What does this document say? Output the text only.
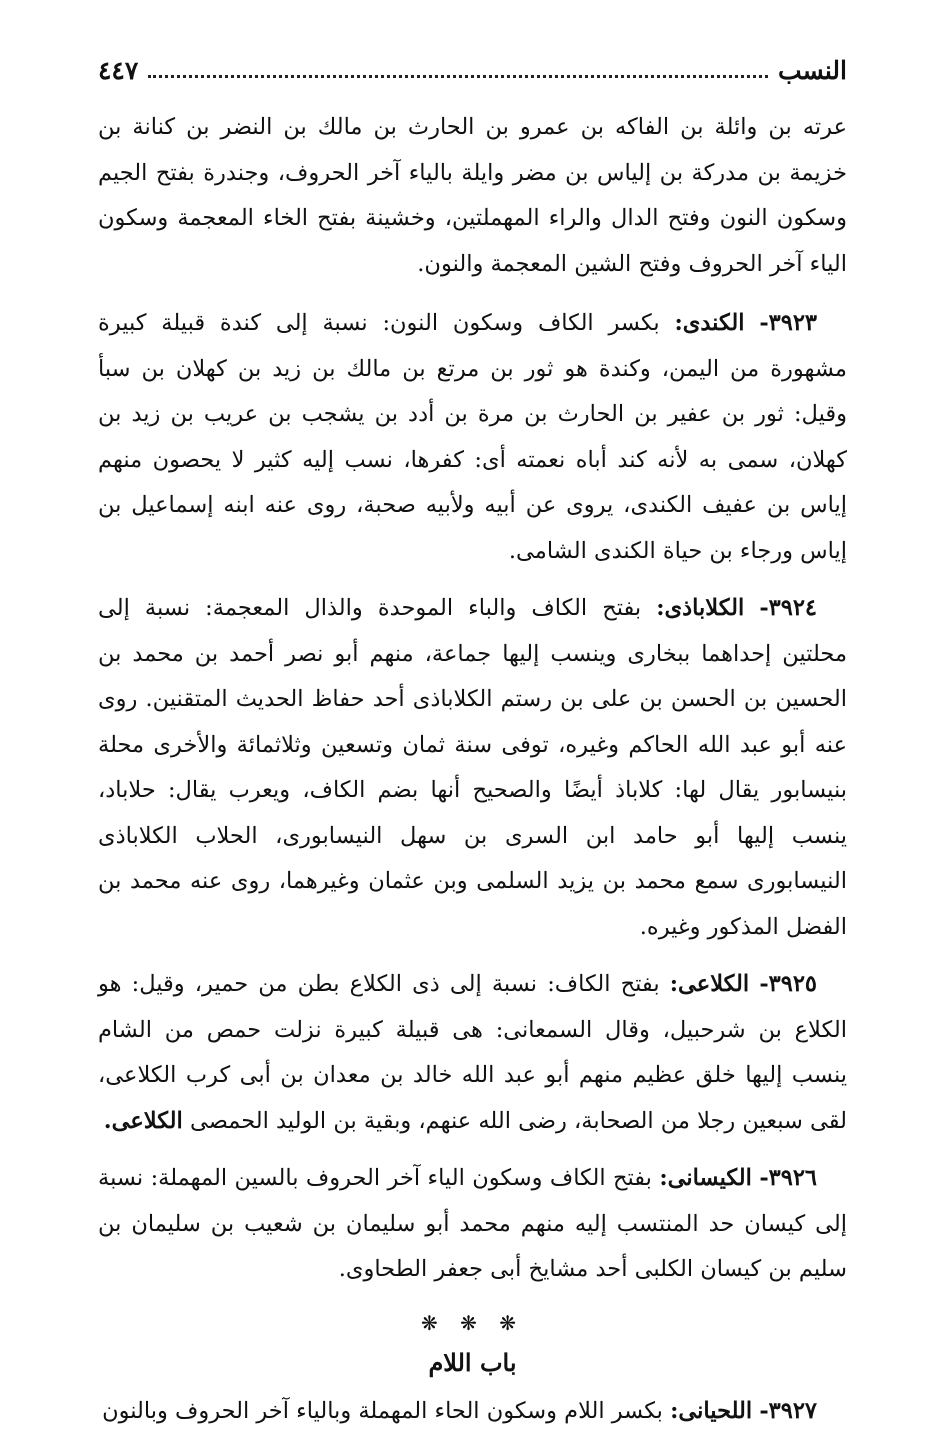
النسب
٤٤٧

عرته بن وائلة بن الفاكه بن عمرو بن الحارث بن مالك بن النضر بن كنانة بن خزيمة بن مدركة بن إلياس بن مضر وايلة بالياء آخر الحروف، وجندرة بفتح الجيم وسكون النون وفتح الدال والراء المهملتين، وخشينة بفتح الخاء المعجمة وسكون الياء آخر الحروف وفتح الشين المعجمة والنون.

٣٩٢٣- الكندى: بكسر الكاف وسكون النون: نسبة إلى كندة قبيلة كبيرة مشهورة من اليمن، وكندة هو ثور بن مرتع بن مالك بن زيد بن كهلان بن سبأ وقيل: ثور بن عفير بن الحارث بن مرة بن أدد بن يشجب بن عريب بن زيد بن كهلان، سمى به لأنه كند أباه نعمته أى: كفرها، نسب إليه كثير لا يحصون منهم إياس بن عفيف الكندى، يروى عن أبيه ولأبيه صحبة، روى عنه ابنه إسماعيل بن إياس ورجاء بن حياة الكندى الشامى.

٣٩٢٤- الكلاباذى: بفتح الكاف والباء الموحدة والذال المعجمة: نسبة إلى محلتين إحداهما ببخارى وينسب إليها جماعة، منهم أبو نصر أحمد بن محمد بن الحسين بن الحسن بن على بن رستم الكلاباذى أحد حفاظ الحديث المتقنين. روى عنه أبو عبد الله الحاكم وغيره، توفى سنة ثمان وتسعين وثلاثمائة والأخرى محلة بنيسابور يقال لها: كلاباذ أيضًا والصحيح أنها بضم الكاف، ويعرب يقال: حلاباد، ينسب إليها أبو حامد ابن السرى بن سهل النيسابورى، الحلاب الكلاباذى النيسابورى سمع محمد بن يزيد السلمى وبن عثمان وغيرهما، روى عنه محمد بن الفضل المذكور وغيره.

٣٩٢٥- الكلاعى: بفتح الكاف: نسبة إلى ذى الكلاع بطن من حمير، وقيل: هو الكلاع بن شرحبيل، وقال السمعانى: هى قبيلة كبيرة نزلت حمص من الشام ينسب إليها خلق عظيم منهم أبو عبد الله خالد بن معدان بن أبى كرب الكلاعى، لقى سبعين رجلا من الصحابة، رضى الله عنهم، وبقية بن الوليد الحمصى الكلاعى.

٣٩٢٦- الكيسانى: بفتح الكاف وسكون الياء آخر الحروف بالسين المهملة: نسبة إلى كيسان حد المنتسب إليه منهم محمد أبو سليمان بن شعيب بن سليمان بن سليم بن كيسان الكلبى أحد مشايخ أبى جعفر الطحاوى.

❋ ❋ ❋
باب اللام

٣٩٢٧- اللحيانى: بكسر اللام وسكون الحاء المهملة وبالياء آخر الحروف وبالنون
